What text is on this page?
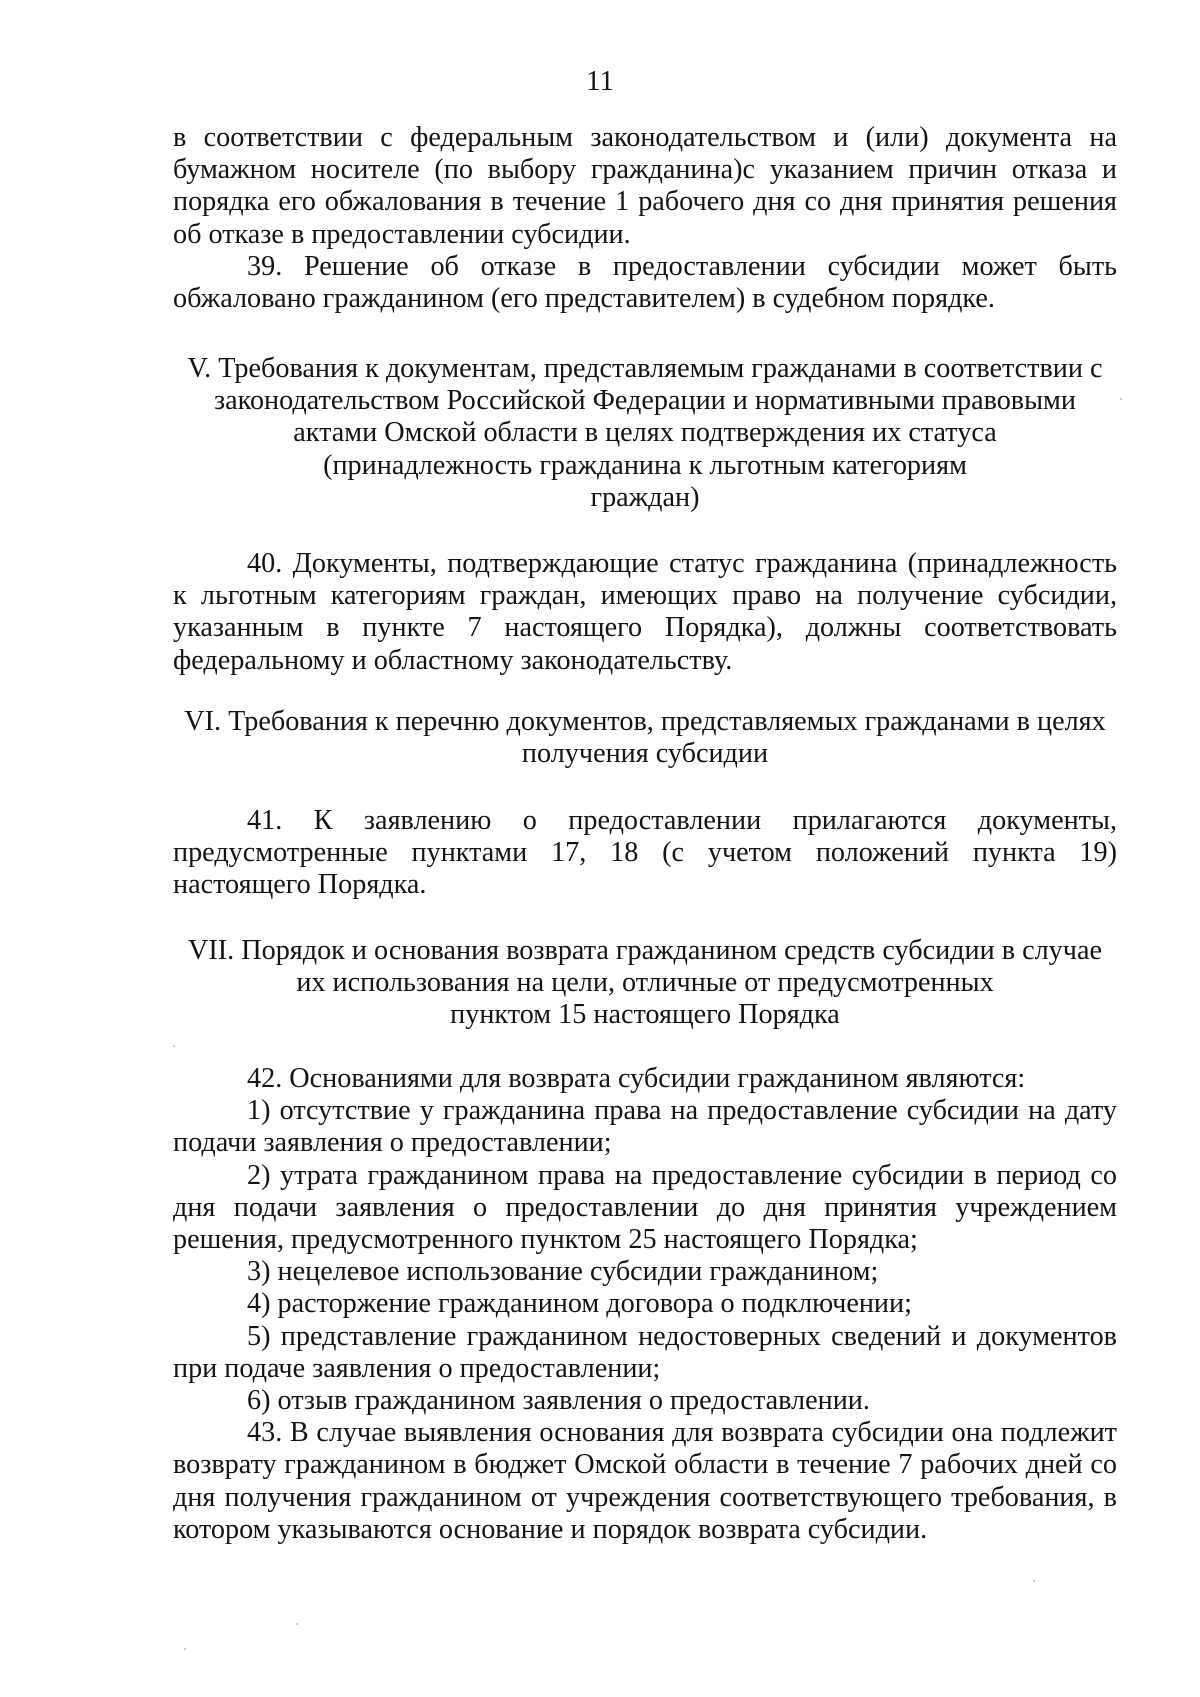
11

в соответствии с федеральным законодательством и (или) документа на бумажном носителе (по выбору гражданина)с указанием причин отказа и порядка его обжалования в течение 1 рабочего дня со дня принятия решения об отказе в предоставлении субсидии.

39. Решение об отказе в предоставлении субсидии может быть обжаловано гражданином (его представителем) в судебном порядке.

V. Требования к документам, представляемым гражданами в соответствии с
законодательством Российской Федерации и нормативными правовыми
актами Омской области в целях подтверждения их статуса
(принадлежность гражданина к льготным категориям
граждан)

40. Документы, подтверждающие статус гражданина (принадлежность к льготным категориям граждан, имеющих право на получение субсидии, указанным в пункте 7 настоящего Порядка), должны соответствовать федеральному и областному законодательству.

VI. Требования к перечню документов, представляемых гражданами в целях
получения субсидии

41. К заявлению о предоставлении прилагаются документы, предусмотренные пунктами 17, 18 (с учетом положений пункта 19) настоящего Порядка.

VII. Порядок и основания возврата гражданином средств субсидии в случае
их использования на цели, отличные от предусмотренных
пунктом 15 настоящего Порядка

42. Основаниями для возврата субсидии гражданином являются:

1) отсутствие у гражданина права на предоставление субсидии на дату подачи заявления о предоставлении;

2) утрата гражданином права на предоставление субсидии в период со дня подачи заявления о предоставлении до дня принятия учреждением решения, предусмотренного пунктом 25 настоящего Порядка;

3) нецелевое использование субсидии гражданином;

4) расторжение гражданином договора о подключении;

5) представление гражданином недостоверных сведений и документов при подаче заявления о предоставлении;

6) отзыв гражданином заявления о предоставлении.

43. В случае выявления основания для возврата субсидии она подлежит возврату гражданином в бюджет Омской области в течение 7 рабочих дней со дня получения гражданином от учреждения соответствующего требования, в котором указываются основание и порядок возврата субсидии.
